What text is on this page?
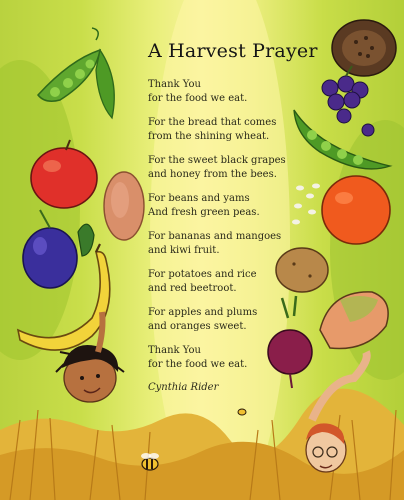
A Harvest Prayer

Thank You
for the food we eat.

For the bread that comes
from the shining wheat.

For the sweet black grapes
and honey from the bees.

For beans and yams
And fresh green peas.

For bananas and mangoes
and kiwi fruit.

For potatoes and rice
and red beetroot.

For apples and plums
and oranges sweet.

Thank You
for the food we eat.

Cynthia Rider
